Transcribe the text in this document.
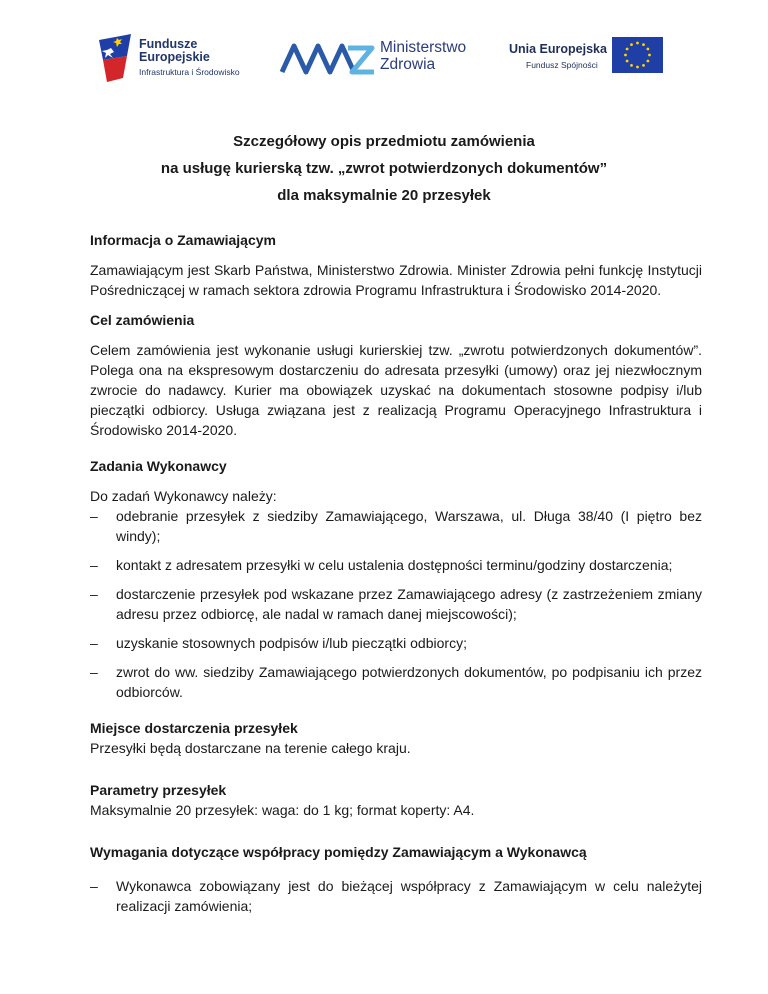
Fundusze
Europejskie
Infrastruktura i Środowisko
Ministerstwo
Zdrowia
Unia Europejska
Fundusz Spójności
Szczegółowy opis przedmiotu zamówienia
na usługę kurierską tzw. „zwrot potwierdzonych dokumentów”
dla maksymalnie 20 przesyłek
Informacja o Zamawiającym

Zamawiającym jest Skarb Państwa, Ministerstwo Zdrowia. Minister Zdrowia pełni funkcję Instytucji Pośredniczącej w ramach sektora zdrowia Programu Infrastruktura i Środowisko 2014-2020.

Cel zamówienia

Celem zamówienia jest wykonanie usługi kurierskiej tzw. „zwrotu potwierdzonych dokumentów”. Polega ona na ekspresowym dostarczeniu do adresata przesyłki (umowy) oraz jej niezwłocznym zwrocie do nadawcy. Kurier ma obowiązek uzyskać na dokumentach stosowne podpisy i/lub pieczątki odbiorcy. Usługa związana jest z realizacją Programu Operacyjnego Infrastruktura i Środowisko 2014-2020.

Zadania Wykonawcy

Do zadań Wykonawcy należy:

– odebranie przesyłek z siedziby Zamawiającego, Warszawa, ul. Długa 38/40 (I piętro bez windy);
– kontakt z adresatem przesyłki w celu ustalenia dostępności terminu/godziny dostarczenia;
– dostarczenie przesyłek pod wskazane przez Zamawiającego adresy (z zastrzeżeniem zmiany adresu przez odbiorcę, ale nadal w ramach danej miejscowości);
– uzyskanie stosownych podpisów i/lub pieczątki odbiorcy;
– zwrot do ww. siedziby Zamawiającego potwierdzonych dokumentów, po podpisaniu ich przez odbiorców.
Miejsce dostarczenia przesyłek

Przesyłki będą dostarczane na terenie całego kraju.

Parametry przesyłek

Maksymalnie 20 przesyłek: waga: do 1 kg; format koperty: A4.

Wymagania dotyczące współpracy pomiędzy Zamawiającym a Wykonawcą
– Wykonawca zobowiązany jest do bieżącej współpracy z Zamawiającym w celu należytej realizacji zamówienia;
